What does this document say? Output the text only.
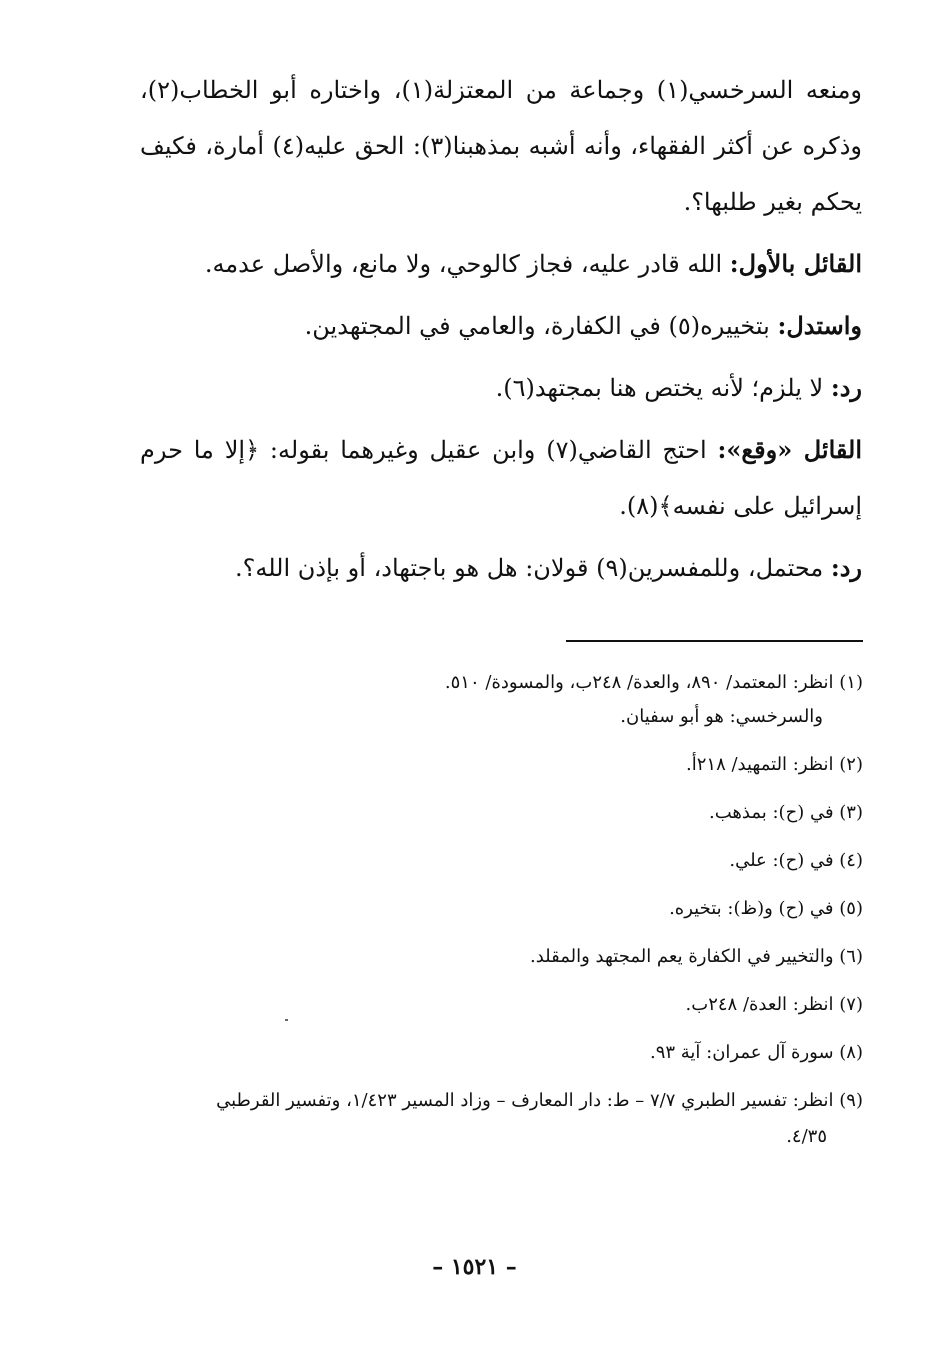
ومنعه السرخسي(١) وجماعة من المعتزلة(١)، واختاره أبو الخطاب(٢)، وذكره عن أكثر الفقهاء، وأنه أشبه بمذهبنا(٣): الحق عليه(٤) أمارة، فكيف يحكم بغير طلبها؟.

القائل بالأول: الله قادر عليه، فجاز كالوحي، ولا مانع، والأصل عدمه.

واستدل: بتخييره(٥) في الكفارة، والعامي في المجتهدين.

رد: لا يلزم؛ لأنه يختص هنا بمجتهد(٦).

القائل «وقع»: احتج القاضي(٧) وابن عقيل وغيرهما بقوله: ﴿إلا ما حرم إسرائيل على نفسه﴾(٨).

رد: محتمل، وللمفسرين(٩) قولان: هل هو باجتهاد، أو بإذن الله؟.

(١) انظر: المعتمد/ ٨٩٠، والعدة/ ٢٤٨ب، والمسودة/ ٥١٠.

والسرخسي: هو أبو سفيان.

(٢) انظر: التمهيد/ ٢١٨أ.

(٣) في (ح): بمذهب.

(٤) في (ح): علي.

(٥) في (ح) و(ظ): بتخيره.

(٦) والتخيير في الكفارة يعم المجتهد والمقلد.

(٧) انظر: العدة/ ٢٤٨ب.

(٨) سورة آل عمران: آية ٩٣.

(٩) انظر: تفسير الطبري ٧/٧ – ط: دار المعارف – وزاد المسير ١/٤٢٣، وتفسير القرطبي
٤/٣٥.

– ١٥٢١ –
